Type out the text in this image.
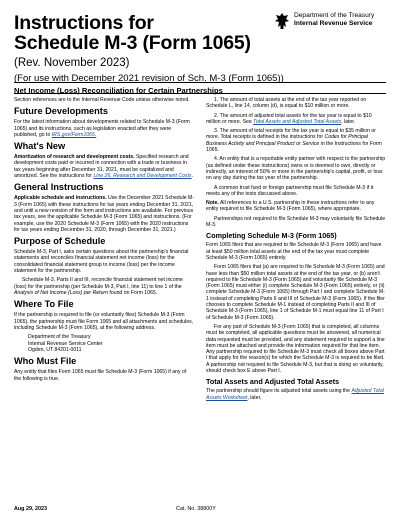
Instructions for
Schedule M-3 (Form 1065)
(Rev. November 2023)
(For use with December 2021 revision of Sch. M-3 (Form 1065))
Net Income (Loss) Reconciliation for Certain Partnerships
Department of the Treasury
Internal Revenue Service

Section references are to the Internal Revenue Code unless otherwise noted.

Future Developments

For the latest information about developments related to Schedule M-3 (Form 1065) and its instructions, such as legislation enacted after they were published, go to IRS.gov/Form1065.

What's New

Amortization of research and development costs. Specified research and development costs paid or incurred in connection with a trade or business in tax years beginning after December 31, 2021, must be capitalized and amortized. See the instructions for Line 26, Research and Development Costs.

General Instructions

Applicable schedule and instructions. Use the December 2021 Schedule M-3 (Form 1065) with these instructions for tax years ending December 31, 2021, and until a new revision of the form and instructions are available. For previous tax years, see the applicable Schedule M-3 (Form 1065) and instructions. (For example, use the 2020 Schedule M-3 (Form 1065) with the 2020 instructions for tax years ending December 31, 2020, through December 31, 2021.)

Purpose of Schedule

Schedule M-3, Part I, asks certain questions about the partnership's financial statements and reconciles financial statement net income (loss) for the consolidated financial statement group to income (loss) per the income statement for the partnership.

Schedule M-3, Parts II and III, reconcile financial statement net income (loss) for the partnership (per Schedule M-3, Part I, line 11) to line 1 of the Analysis of Net Income (Loss) per Return found on Form 1065.

Where To File

If the partnership is required to file (or voluntarily files) Schedule M-3 (Form 1065), the partnership must file Form 1065 and all attachments and schedules, including Schedule M-3 (Form 1065), at the following address.

Department of the Treasury
Internal Revenue Service Center
Ogden, UT 84201-0011
Who Must File

Any entity that files Form 1065 must file Schedule M-3 (Form 1065) if any of the following is true.

1. The amount of total assets at the end of the tax year reported on Schedule L, line 14, column (d), is equal to $10 million or more.

2. The amount of adjusted total assets for the tax year is equal to $10 million or more. See Total Assets and Adjusted Total Assets, later.

3. The amount of total receipts for the tax year is equal to $35 million or more. Total receipts is defined in the instructions for Codes for Principal Business Activity and Principal Product or Service in the Instructions for Form 1065.

4. An entity that is a reportable entity partner with respect to the partnership (as defined under these instructions) owns or is deemed to own, directly or indirectly, an interest of 50% or more in the partnership's capital, profit, or loss on any day during the tax year of the partnership.

A common trust fund or foreign partnership must file Schedule M-3 if it meets any of the tests discussed above.

Note. All references to a U.S. partnership in these instructions refer to any entity required to file Schedule M-3 (Form 1065), where appropriate.

Partnerships not required to file Schedule M-3 may voluntarily file Schedule M-3.

Completing Schedule M-3 (Form 1065)

Form 1065 filers that are required to file Schedule M-3 (Form 1065) and have at least $50 million total assets at the end of the tax year must complete Schedule M-3 (Form 1065) entirely.

Form 1065 filers that (a) are required to file Schedule M-3 (Form 1065) and have less than $50 million total assets at the end of the tax year, or (b) aren't required to file Schedule M-3 (Form 1065) and voluntarily file Schedule M-3 (Form 1065) must either (i) complete Schedule M-3 (Form 1065) entirely, or (ii) complete Schedule M-3 (Form 1065) through Part I and complete Schedule M-1 instead of completing Parts II and III of Schedule M-3 (Form 1065). If the filer chooses to complete Schedule M-1 instead of completing Parts II and III of Schedule M-3 (Form 1065), line 1 of Schedule M-1 must equal line 11 of Part I of Schedule M-3 (Form 1065).

For any part of Schedule M-3 (Form 1065) that is completed, all columns must be completed, all applicable questions must be answered, all numerical data requested must be provided, and any statement required to support a line item must be attached and provide the information required for that line item. Any partnership required to file Schedule M-3 must check all boxes above Part I that apply for the reason(s) for which the Schedule M-3 is required to be filed. A partnership not required to file Schedule M-3, but that is doing so voluntarily, should check box E above Part I.

Total Assets and Adjusted Total Assets

The partnership should figure its adjusted total assets using the Adjusted Total Assets Worksheet, later.

Aug 29, 2023	Cat. No. 38800Y
